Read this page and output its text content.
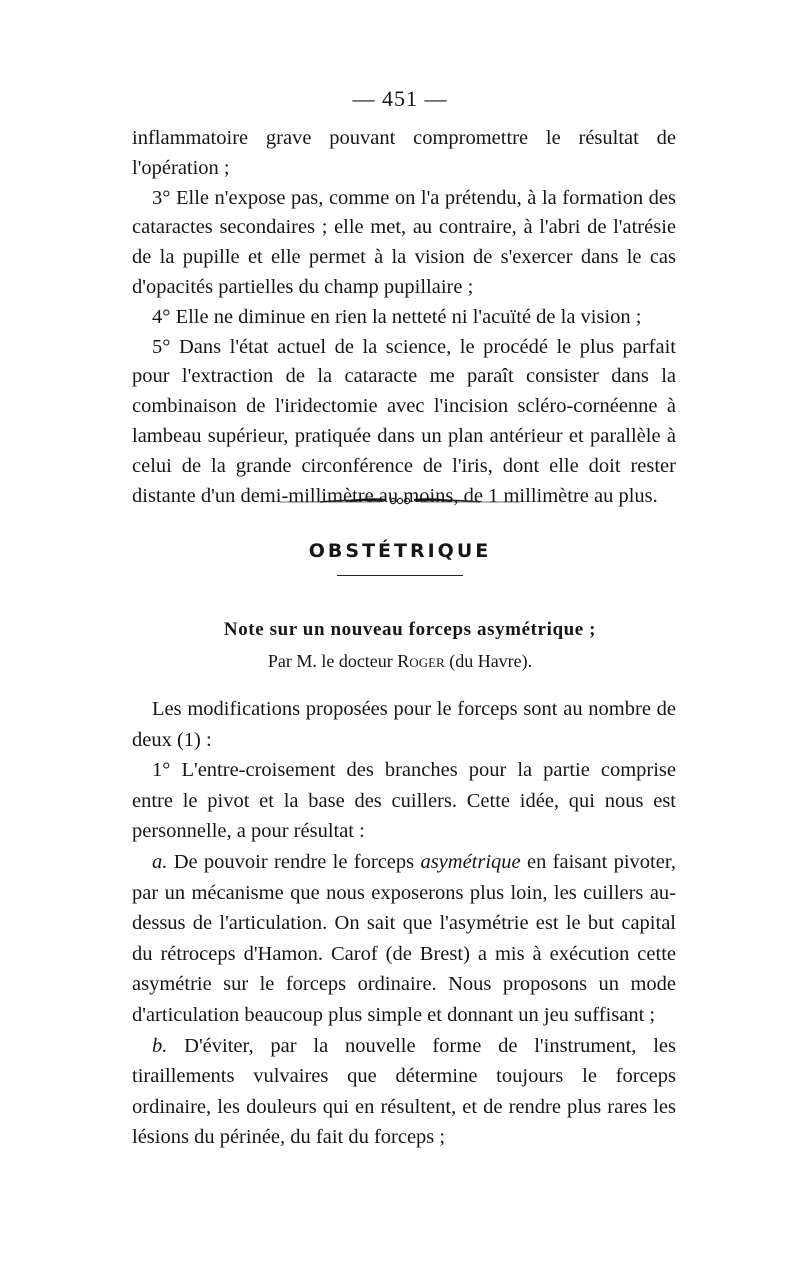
— 451 —

inflammatoire grave pouvant compromettre le résultat de l'opération ;

3° Elle n'expose pas, comme on l'a prétendu, à la formation des cataractes secondaires ; elle met, au contraire, à l'abri de l'atrésie de la pupille et elle permet à la vision de s'exercer dans le cas d'opacités partielles du champ pupillaire ;

4° Elle ne diminue en rien la netteté ni l'acuïté de la vision ;

5° Dans l'état actuel de la science, le procédé le plus parfait pour l'extraction de la cataracte me paraît consister dans la combinaison de l'iridectomie avec l'incision scléro-cornéenne à lambeau supérieur, pratiquée dans un plan antérieur et parallèle à celui de la grande circonférence de l'iris, dont elle doit rester distante d'un demi-millimètre au moins, de 1 millimètre au plus.

OBSTÉTRIQUE
Note sur un nouveau forceps asymétrique ;
Par M. le docteur Roger (du Havre).

Les modifications proposées pour le forceps sont au nombre de deux (1) :

1° L'entre-croisement des branches pour la partie comprise entre le pivot et la base des cuillers. Cette idée, qui nous est personnelle, a pour résultat :

a. De pouvoir rendre le forceps asymétrique en faisant pivoter, par un mécanisme que nous exposerons plus loin, les cuillers au-dessus de l'articulation. On sait que l'asymétrie est le but capital du rétroceps d'Hamon. Carof (de Brest) a mis à exécution cette asymétrie sur le forceps ordinaire. Nous proposons un mode d'articulation beaucoup plus simple et donnant un jeu suffisant ;

b. D'éviter, par la nouvelle forme de l'instrument, les tiraillements vulvaires que détermine toujours le forceps ordinaire, les douleurs qui en résultent, et de rendre plus rares les lésions du périnée, du fait du forceps ;
